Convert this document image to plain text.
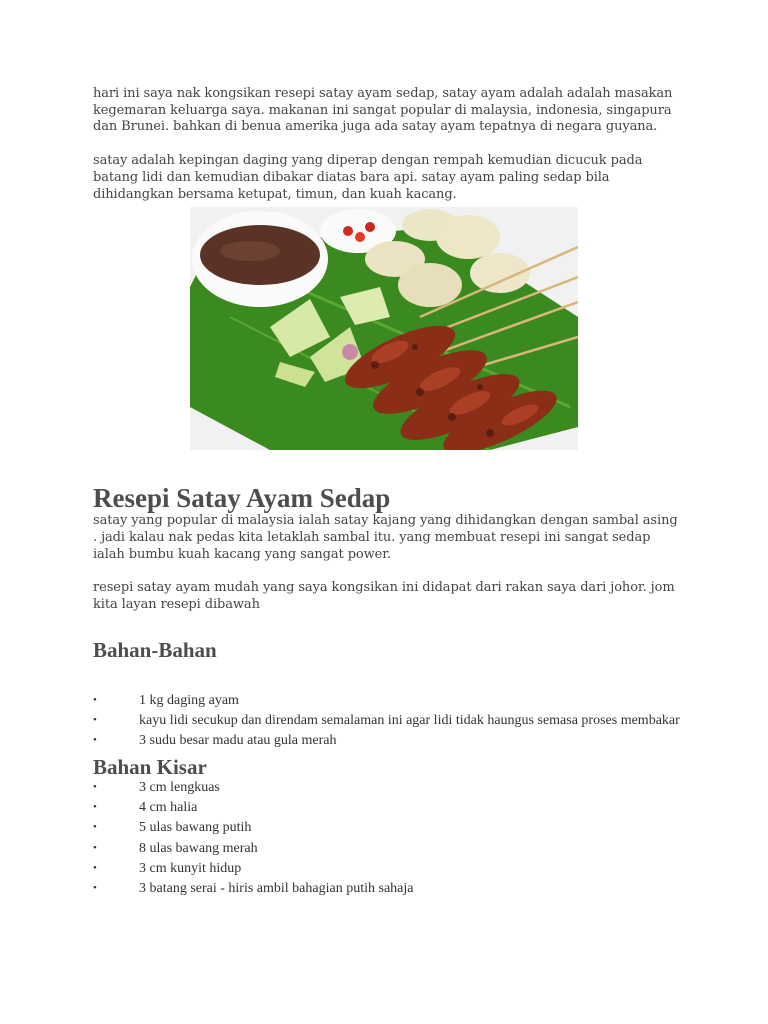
hari ini saya nak kongsikan resepi satay ayam sedap, satay ayam adalah adalah masakan kegemaran keluarga saya. makanan ini sangat popular di malaysia, indonesia, singapura dan Brunei. bahkan di benua amerika juga ada satay ayam tepatnya di negara guyana.

satay adalah kepingan daging yang diperap dengan rempah kemudian dicucuk pada batang lidi dan kemudian dibakar diatas bara api. satay ayam paling sedap bila dihidangkan bersama ketupat, timun, dan kuah kacang.

Resepi Satay Ayam Sedap

satay yang popular di malaysia ialah satay kajang yang dihidangkan dengan sambal asing . jadi kalau nak pedas kita letaklah sambal itu. yang membuat resepi ini sangat sedap ialah bumbu kuah kacang yang sangat power.

resepi satay ayam mudah yang saya kongsikan ini didapat dari rakan saya dari johor. jom kita layan resepi dibawah

Bahan-Bahan
•	1 kg daging ayam
•	kayu lidi secukup dan direndam semalaman ini agar lidi tidak haungus semasa proses membakar
•	3 sudu besar madu atau gula merah
Bahan Kisar
•	3 cm lengkuas
•	4 cm halia
•	5 ulas bawang putih
•	8 ulas bawang merah
•	3 cm kunyit hidup
•	3 batang serai - hiris ambil bahagian putih sahaja
